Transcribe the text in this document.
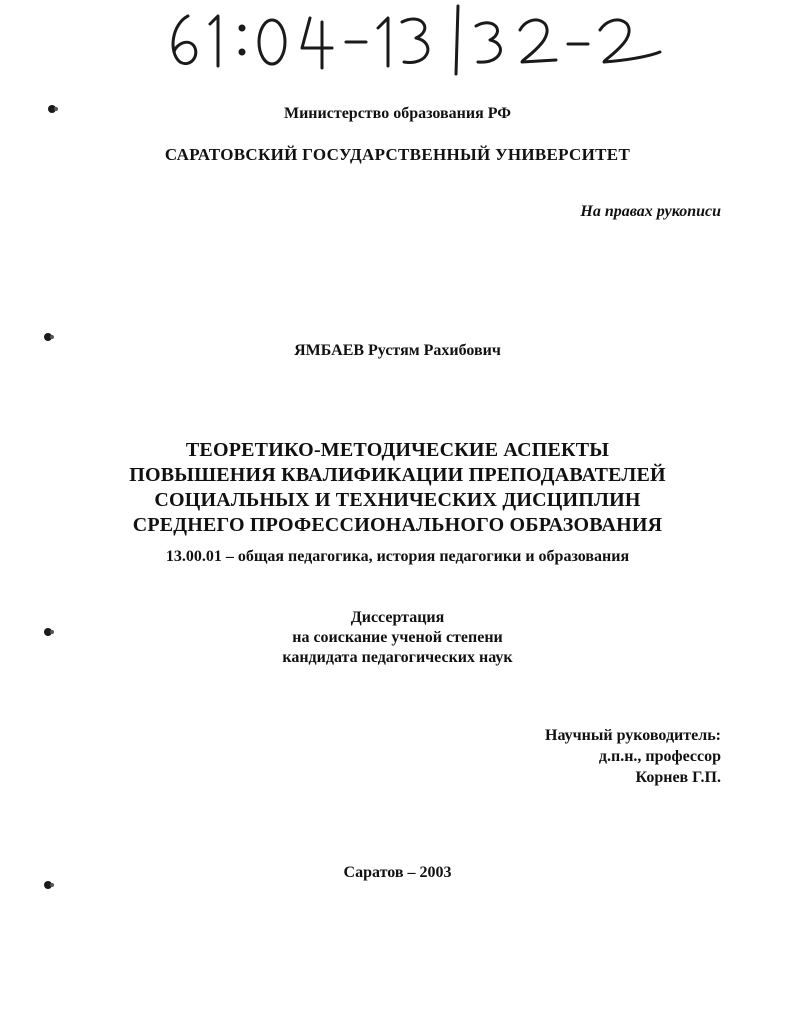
Министерство образования РФ

САРАТОВСКИЙ ГОСУДАРСТВЕННЫЙ УНИВЕРСИТЕТ

На правах рукописи

ЯМБАЕВ Рустям Рахибович

ТЕОРЕТИКО-МЕТОДИЧЕСКИЕ АСПЕКТЫ
ПОВЫШЕНИЯ КВАЛИФИКАЦИИ ПРЕПОДАВАТЕЛЕЙ
СОЦИАЛЬНЫХ И ТЕХНИЧЕСКИХ ДИСЦИПЛИН
СРЕДНЕГО ПРОФЕССИОНАЛЬНОГО ОБРАЗОВАНИЯ

13.00.01 – общая педагогика, история педагогики и образования

Диссертация
на соискание ученой степени
кандидата педагогических наук
Научный руководитель:
д.п.н., профессор
Корнев Г.П.

Саратов – 2003
